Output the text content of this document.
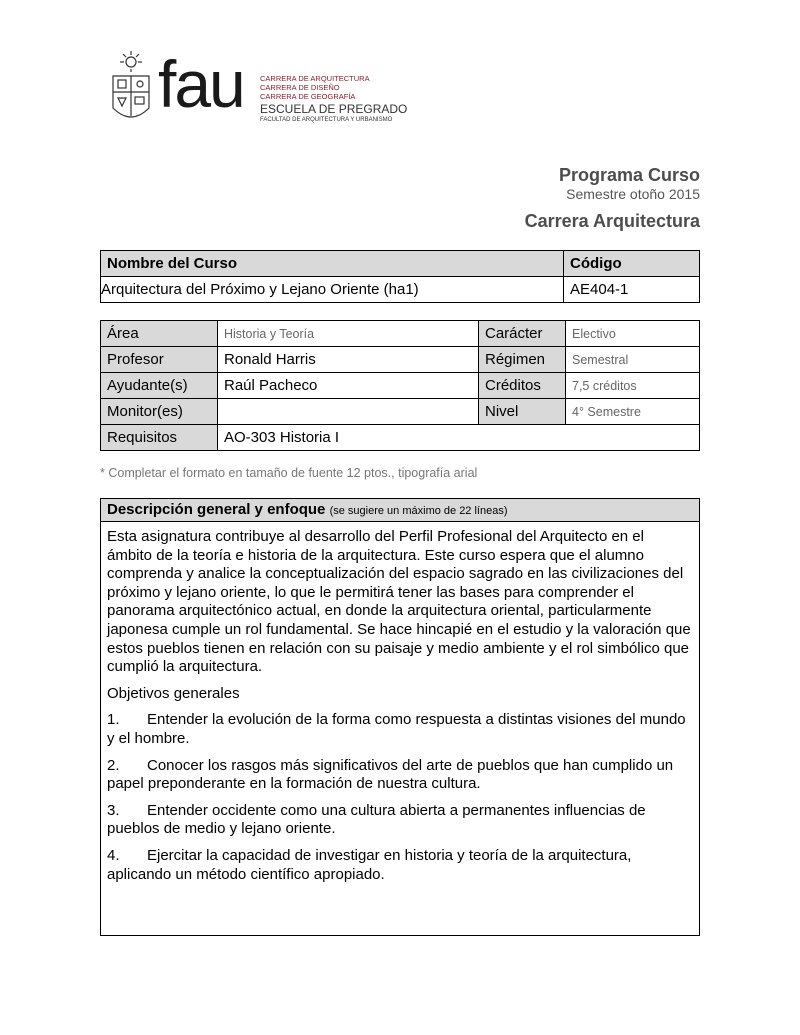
fau CARRERA DE ARQUITECTURA
CARRERA DE DISEÑO
CARRERA DE GEOGRAFÍA
ESCUELA DE PREGRADO
FACULTAD DE ARQUITECTURA Y URBANISMO
Programa Curso
Semestre otoño 2015
Carrera Arquitectura
Nombre del Curso	Código
Arquitectura del Próximo y Lejano Oriente (ha1)	AE404-1
Área	Historia y Teoría	Carácter	Electivo
Profesor	Ronald Harris	Régimen	Semestral
Ayudante(s)	Raúl Pacheco	Créditos	7,5 créditos
Monitor(es)		Nivel	4° Semestre
Requisitos	AO-303 Historia I		
* Completar el formato en tamaño de fuente 12 ptos., tipografía arial
Descripción general y enfoque (se sugiere un máximo de 22 líneas)

Esta asignatura contribuye al desarrollo del Perfil Profesional del Arquitecto en el ámbito de la teoría e historia de la arquitectura. Este curso espera que el alumno comprenda y analice la conceptualización del espacio sagrado en las civilizaciones del próximo y lejano oriente, lo que le permitirá tener las bases para comprender el panorama arquitectónico actual, en donde la arquitectura oriental, particularmente japonesa cumple un rol fundamental. Se hace hincapié en el estudio y la valoración que estos pueblos tienen en relación con su paisaje y medio ambiente y el rol simbólico que cumplió la arquitectura.

Objetivos generales

1. Entender la evolución de la forma como respuesta a distintas visiones del mundo y el hombre.
2. Conocer los rasgos más significativos del arte de pueblos que han cumplido un papel preponderante en la formación de nuestra cultura.
3. Entender occidente como una cultura abierta a permanentes influencias de pueblos de medio y lejano oriente.
4. Ejercitar la capacidad de investigar en historia y teoría de la arquitectura, aplicando un método científico apropiado.
